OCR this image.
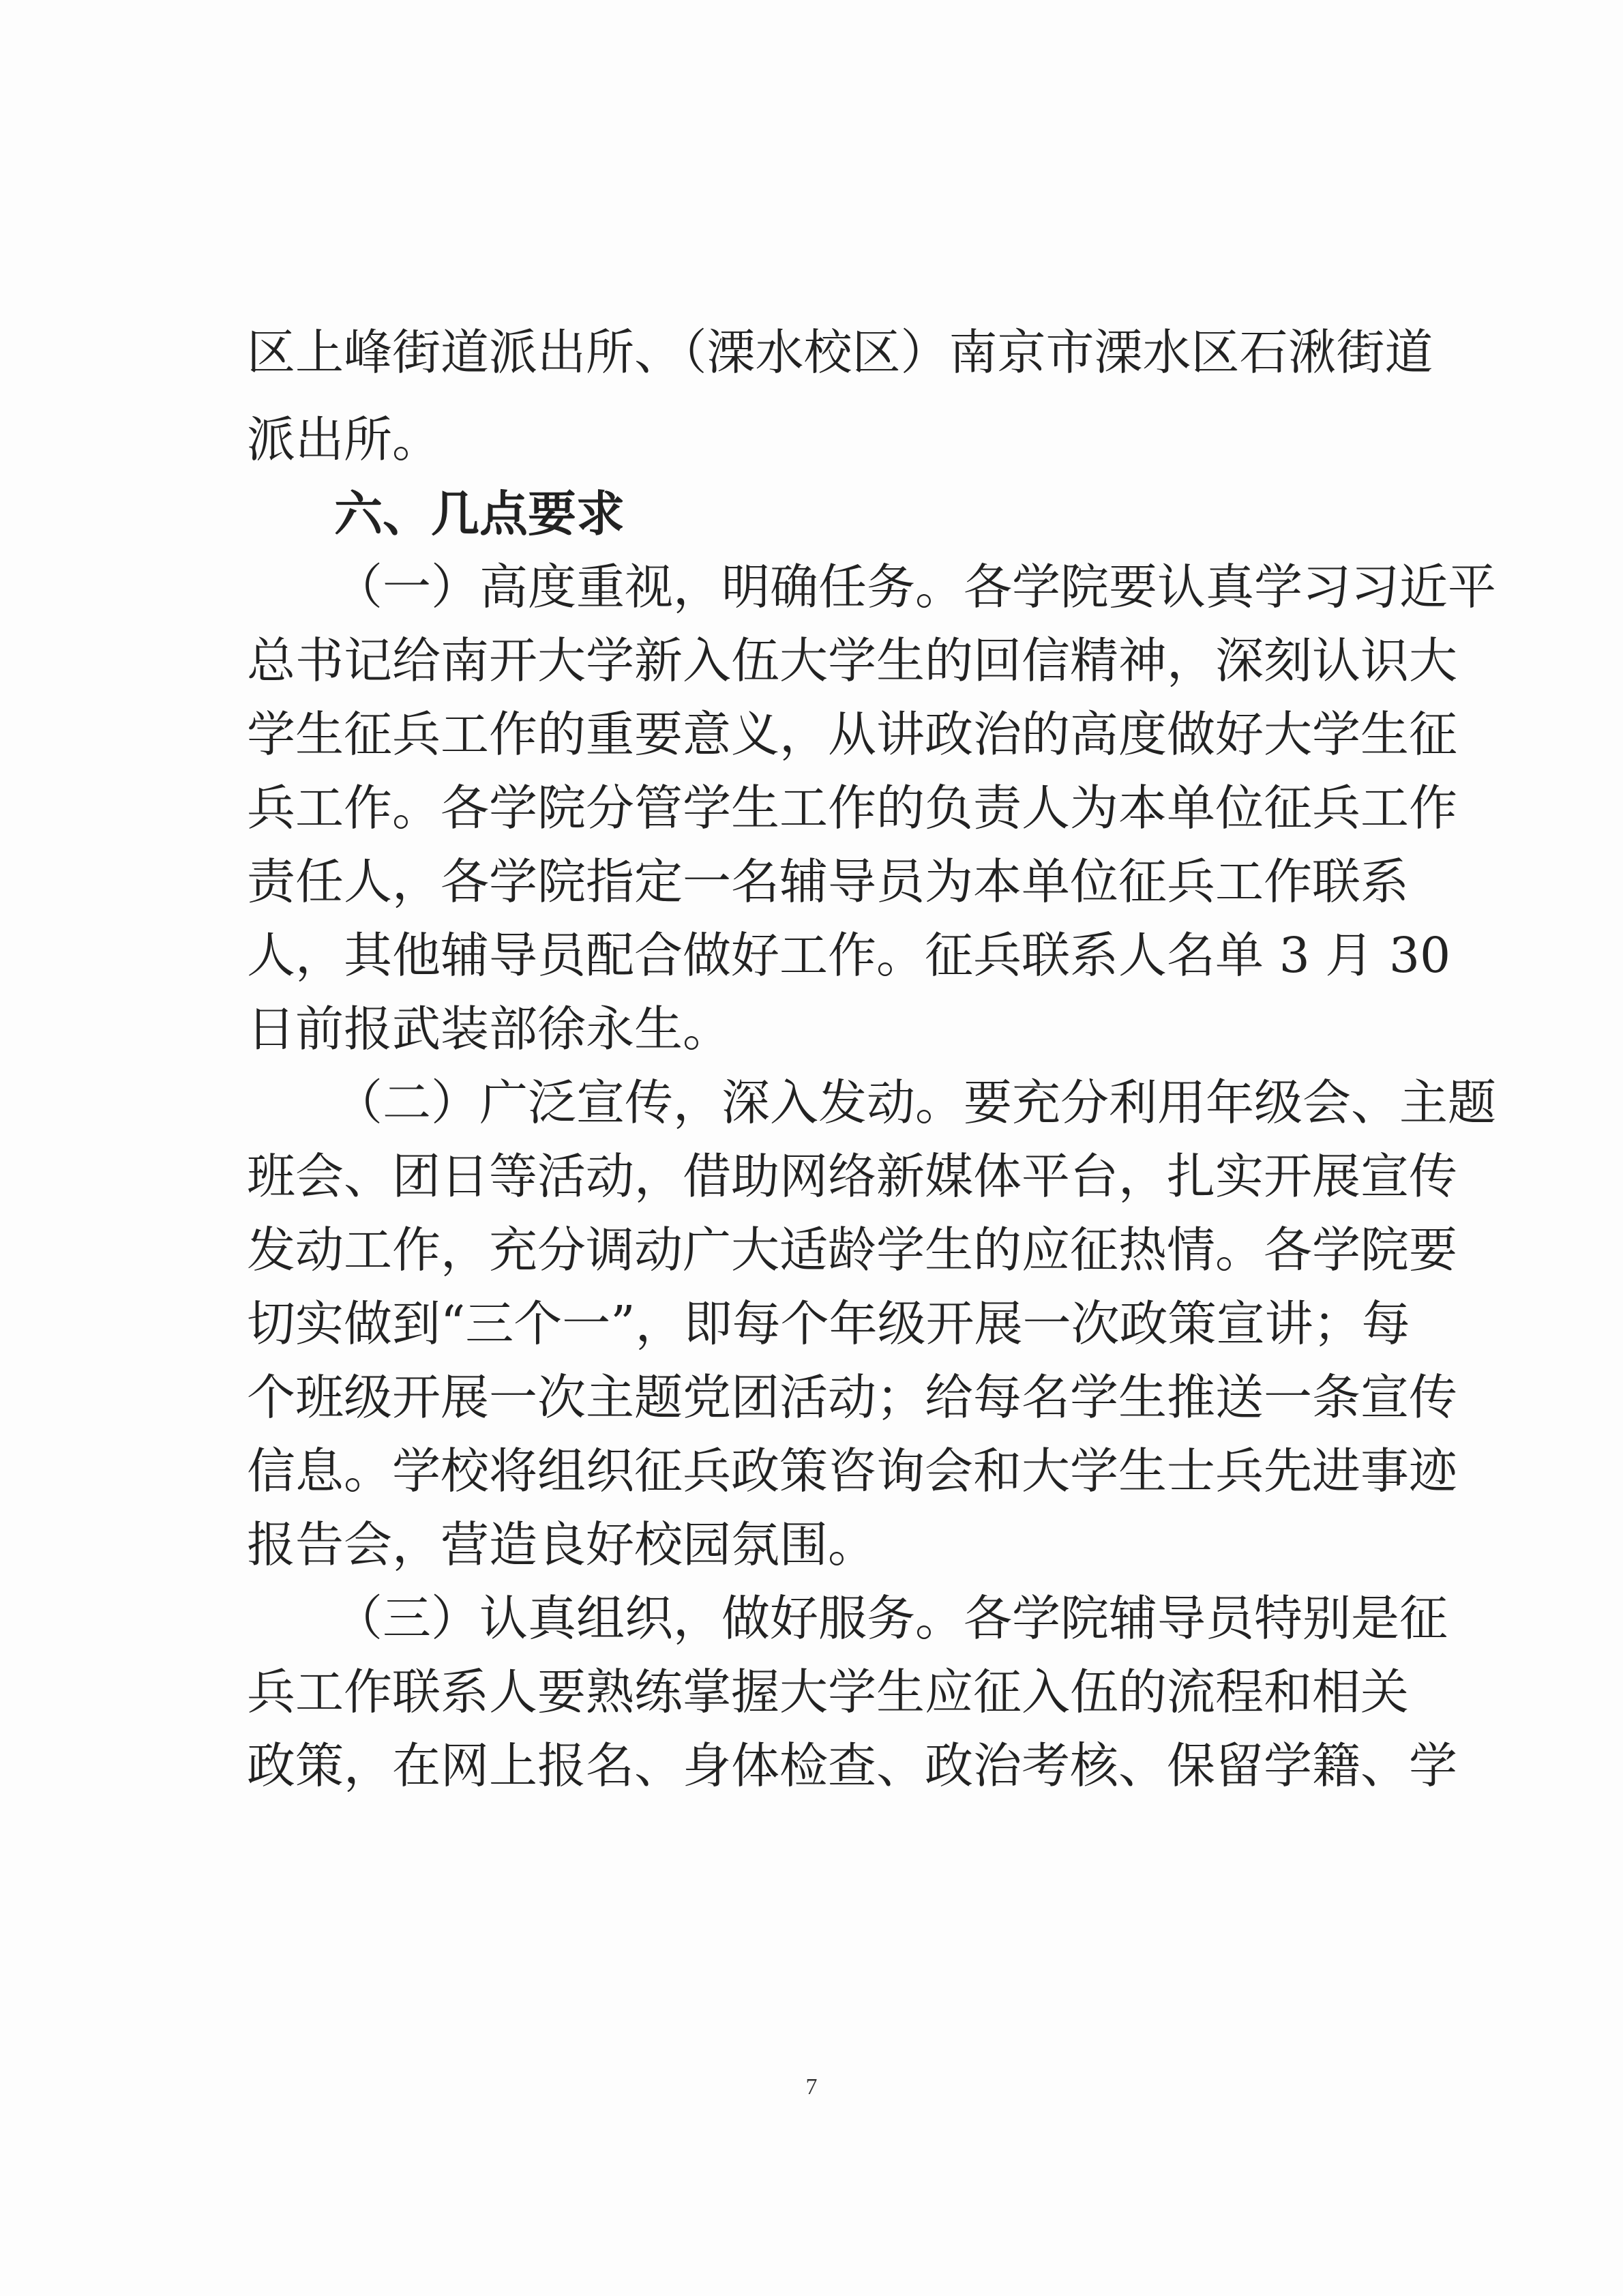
区上峰街道派出所、（溧水校区）南京市溧水区石湫街道

派出所。

六、几点要求

（一）高度重视，明确任务。各学院要认真学习习近平

总书记给南开大学新入伍大学生的回信精神，深刻认识大

学生征兵工作的重要意义，从讲政治的高度做好大学生征

兵工作。各学院分管学生工作的负责人为本单位征兵工作

责任人，各学院指定一名辅导员为本单位征兵工作联系

人，其他辅导员配合做好工作。征兵联系人名单 3 月 30

日前报武装部徐永生。

（二）广泛宣传，深入发动。要充分利用年级会、主题

班会、团日等活动，借助网络新媒体平台，扎实开展宣传

发动工作，充分调动广大适龄学生的应征热情。各学院要

切实做到“三个一”，即每个年级开展一次政策宣讲；每

个班级开展一次主题党团活动；给每名学生推送一条宣传

信息。学校将组织征兵政策咨询会和大学生士兵先进事迹

报告会，营造良好校园氛围。

（三）认真组织，做好服务。各学院辅导员特别是征

兵工作联系人要熟练掌握大学生应征入伍的流程和相关

政策，在网上报名、身体检查、政治考核、保留学籍、学

7
